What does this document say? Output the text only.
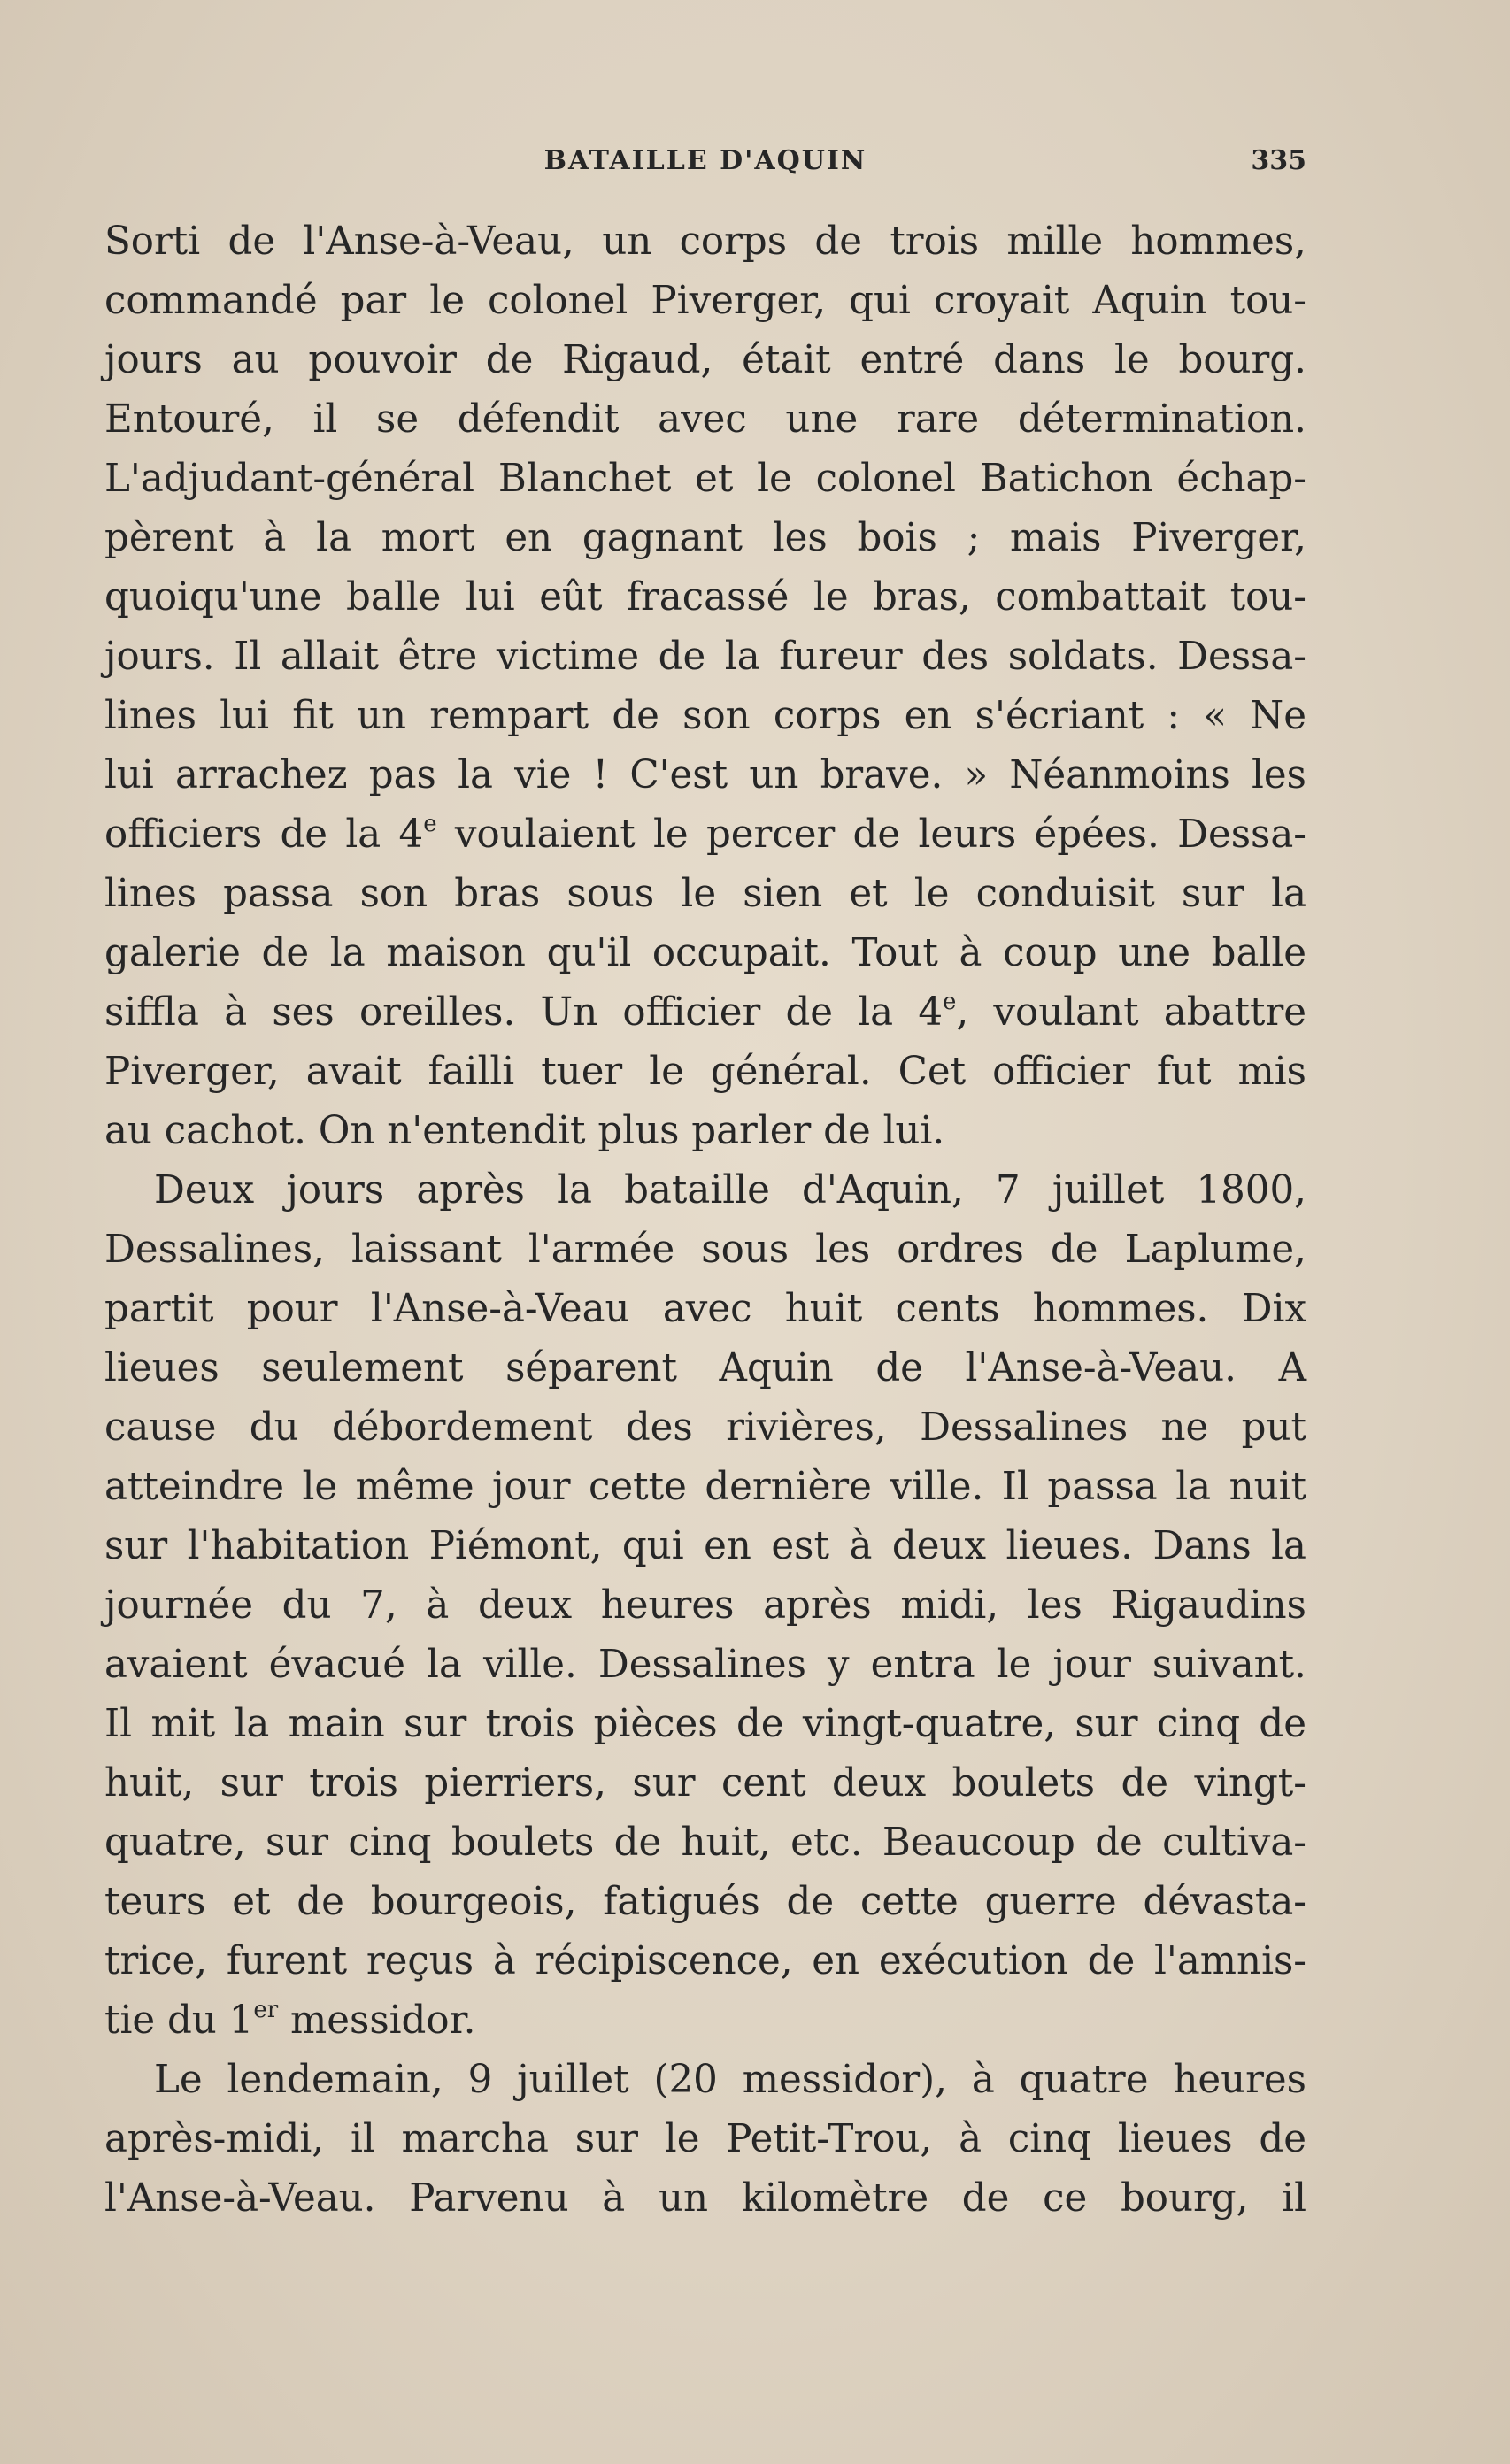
BATAILLE D'AQUIN	335
Sorti de l'Anse-à-Veau, un corps de trois mille hommes,
commandé par le colonel Piverger, qui croyait Aquin tou-
jours au pouvoir de Rigaud, était entré dans le bourg.
Entouré, il se défendit avec une rare détermination.
L'adjudant-général Blanchet et le colonel Batichon échap-
pèrent à la mort en gagnant les bois ; mais Piverger,
quoiqu'une balle lui eût fracassé le bras, combattait tou-
jours. Il allait être victime de la fureur des soldats. Dessa-
lines lui fit un rempart de son corps en s'écriant : « Ne
lui arrachez pas la vie ! C'est un brave. » Néanmoins les
officiers de la 4e voulaient le percer de leurs épées. Dessa-
lines passa son bras sous le sien et le conduisit sur la
galerie de la maison qu'il occupait. Tout à coup une balle
siffla à ses oreilles. Un officier de la 4e, voulant abattre
Piverger, avait failli tuer le général. Cet officier fut mis
au cachot. On n'entendit plus parler de lui.
Deux jours après la bataille d'Aquin, 7 juillet 1800,
Dessalines, laissant l'armée sous les ordres de Laplume,
partit pour l'Anse-à-Veau avec huit cents hommes. Dix
lieues seulement séparent Aquin de l'Anse-à-Veau. A
cause du débordement des rivières, Dessalines ne put
atteindre le même jour cette dernière ville. Il passa la nuit
sur l'habitation Piémont, qui en est à deux lieues. Dans la
journée du 7, à deux heures après midi, les Rigaudins
avaient évacué la ville. Dessalines y entra le jour suivant.
Il mit la main sur trois pièces de vingt-quatre, sur cinq de
huit, sur trois pierriers, sur cent deux boulets de vingt-
quatre, sur cinq boulets de huit, etc. Beaucoup de cultiva-
teurs et de bourgeois, fatigués de cette guerre dévasta-
trice, furent reçus à récipiscence, en exécution de l'amnis-
tie du 1er messidor.
Le lendemain, 9 juillet (20 messidor), à quatre heures
après-midi, il marcha sur le Petit-Trou, à cinq lieues de
l'Anse-à-Veau. Parvenu à un kilomètre de ce bourg, il
